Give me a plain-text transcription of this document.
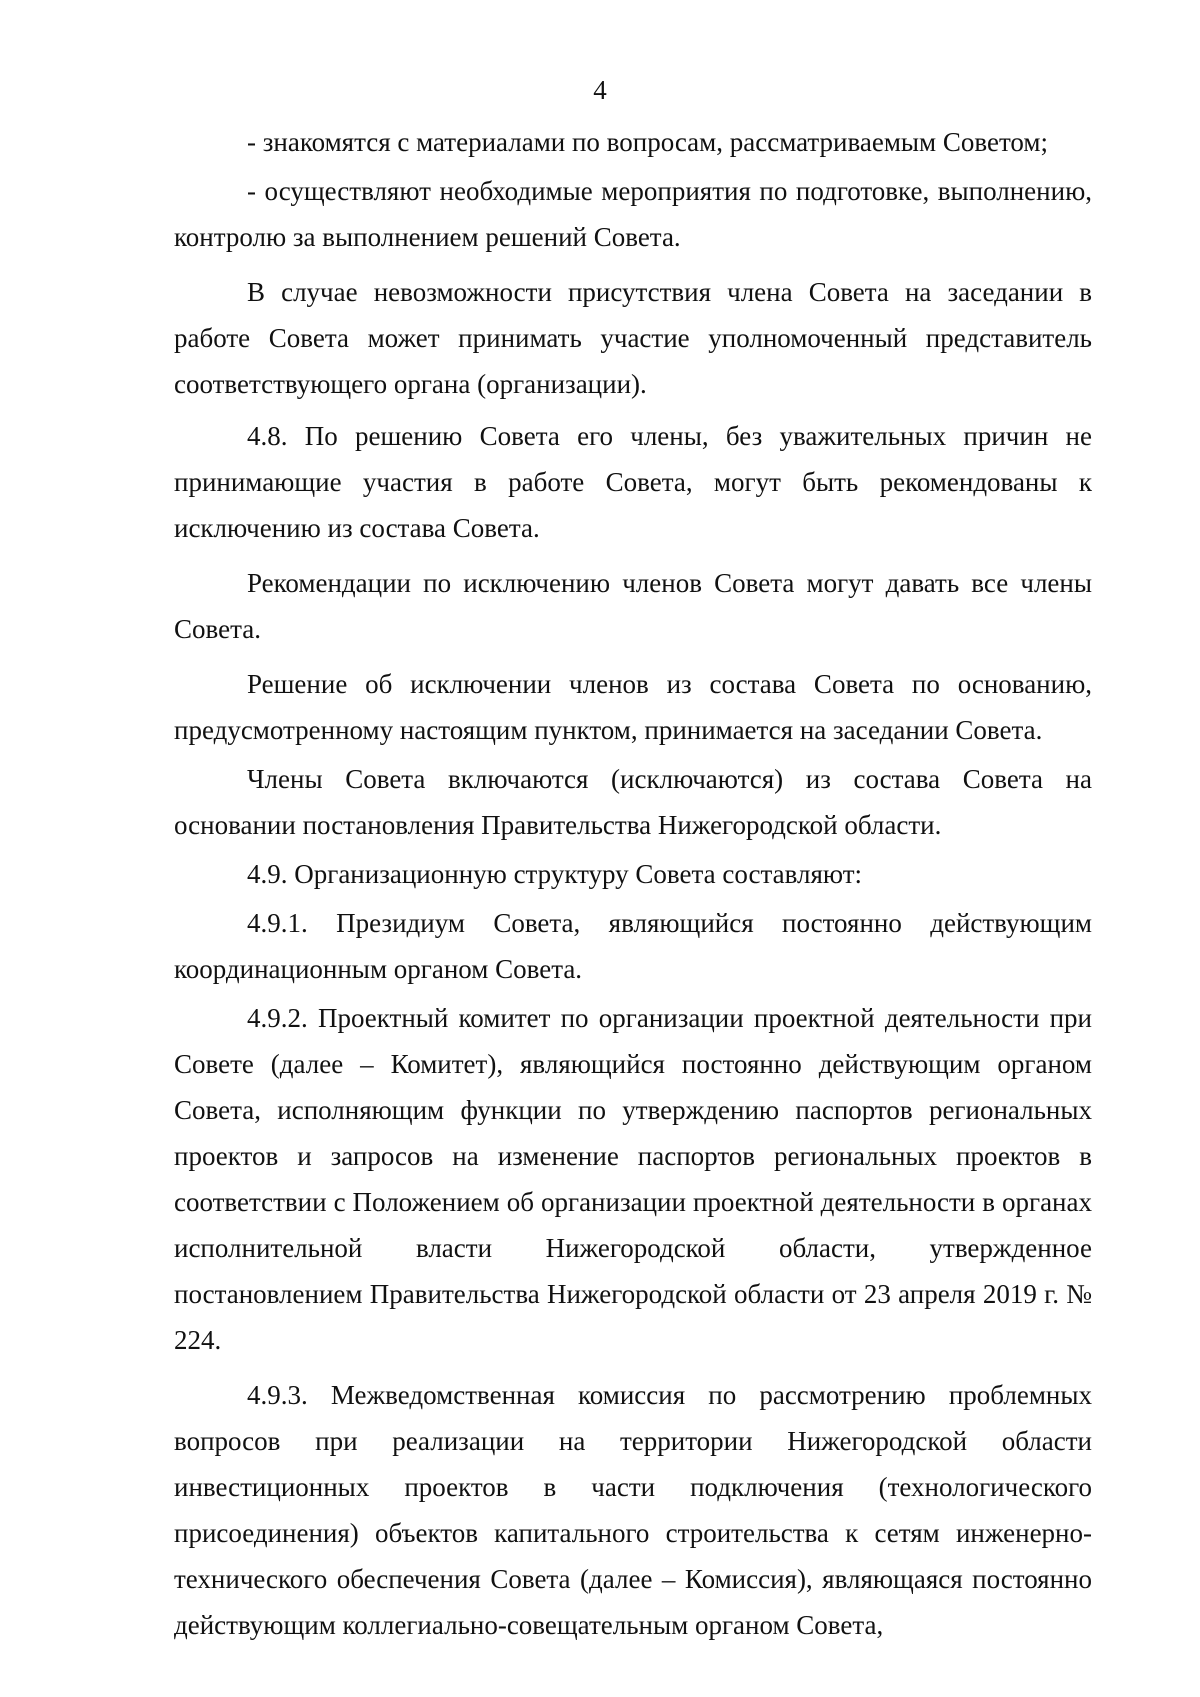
4

- знакомятся с материалами по вопросам, рассматриваемым Советом;

- осуществляют необходимые мероприятия по подготовке, выполнению, контролю за выполнением решений Совета.

В случае невозможности присутствия члена Совета на заседании в работе Совета может принимать участие уполномоченный представитель соответствующего органа (организации).

4.8. По решению Совета его члены, без уважительных причин не принимающие участия в работе Совета, могут быть рекомендованы к исключению из состава Совета.

Рекомендации по исключению членов Совета могут давать все члены Совета.

Решение об исключении членов из состава Совета по основанию, предусмотренному настоящим пунктом, принимается на заседании Совета.

Члены Совета включаются (исключаются) из состава Совета на основании постановления Правительства Нижегородской области.

4.9. Организационную структуру Совета составляют:

4.9.1. Президиум Совета, являющийся постоянно действующим координационным органом Совета.

4.9.2. Проектный комитет по организации проектной деятельности при Совете (далее – Комитет), являющийся постоянно действующим органом Совета, исполняющим функции по утверждению паспортов региональных проектов и запросов на изменение паспортов региональных проектов в соответствии с Положением об организации проектной деятельности в органах исполнительной власти Нижегородской области, утвержденное постановлением Правительства Нижегородской области от 23 апреля 2019 г. № 224.

4.9.3. Межведомственная комиссия по рассмотрению проблемных вопросов при реализации на территории Нижегородской области инвестиционных проектов в части подключения (технологического присоединения) объектов капитального строительства к сетям инженерно-технического обеспечения Совета (далее – Комиссия), являющаяся постоянно действующим коллегиально-совещательным органом Совета,
